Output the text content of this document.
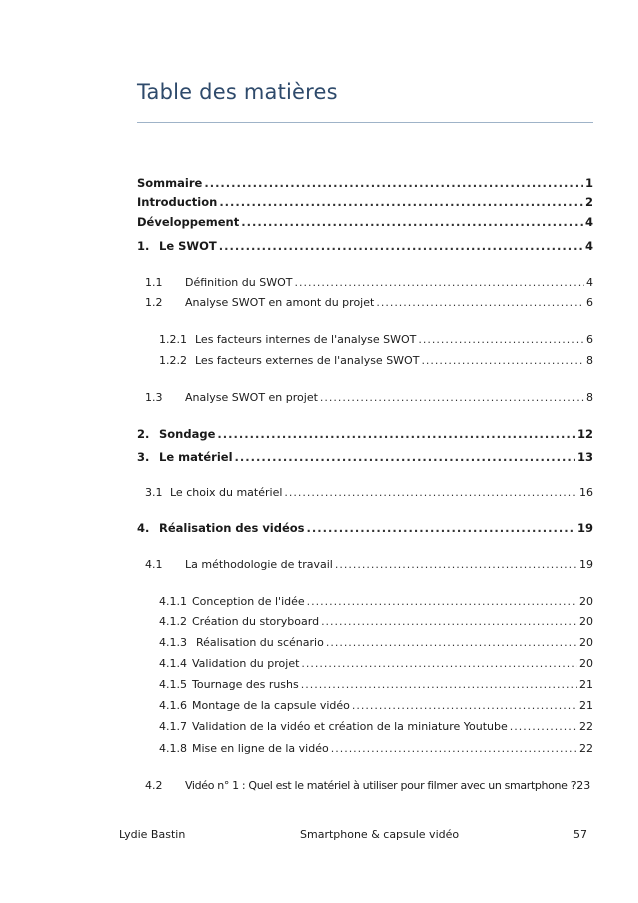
Table des matières
Sommaire .....	1
Introduction .....	2
Développement .....	4
1. Le SWOT .....	4
1.1	Définition du SWOT .....	4
1.2	Analyse SWOT en amont du projet .....	6
1.2.1 Les facteurs internes de l'analyse SWOT .....	6
1.2.2 Les facteurs externes de l'analyse SWOT .....	8
1.3	Analyse SWOT en projet .....	8
2. Sondage .....	12
3. Le matériel .....	13
3.1 Le choix du matériel .....	16
4. Réalisation des vidéos .....	19
4.1	La méthodologie de travail .....	19
4.1.1 Conception de l'idée .....	20
4.1.2 Création du storyboard .....	20
4.1.3 Réalisation du scénario .....	20
4.1.4 Validation du projet .....	20
4.1.5 Tournage des rushs .....	21
4.1.6 Montage de la capsule vidéo .....	21
4.1.7 Validation de la vidéo et création de la miniature Youtube .....	22
4.1.8 Mise en ligne de la vidéo .....	22
4.2	Vidéo n° 1 : Quel est le matériel à utiliser pour filmer avec un smartphone ? 23
Lydie Bastin	Smartphone & capsule vidéo	57
